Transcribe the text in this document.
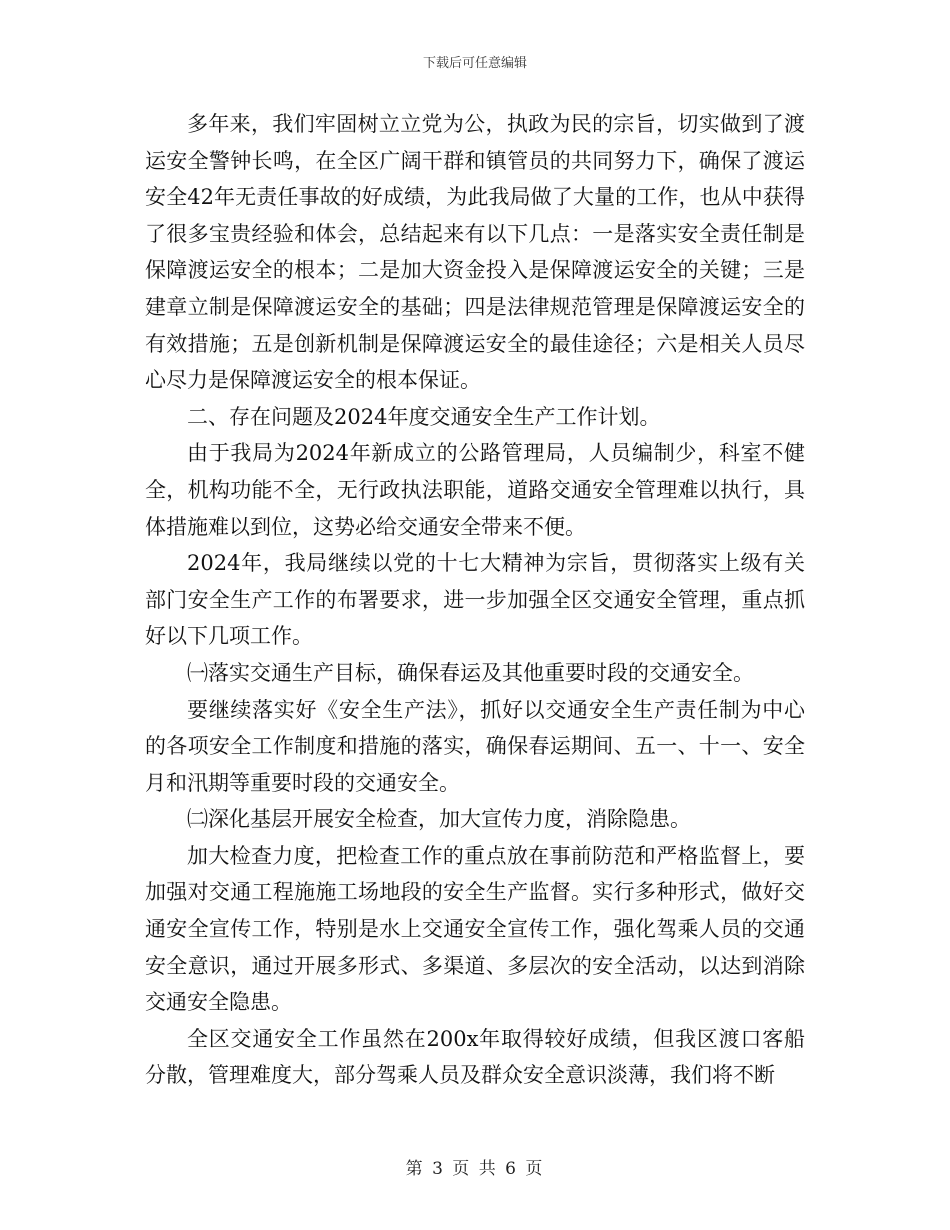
下载后可任意编辑

多年来，我们牢固树立立党为公，执政为民的宗旨，切实做到了渡运安全警钟长鸣，在全区广阔干群和镇管员的共同努力下，确保了渡运安全42年无责任事故的好成绩，为此我局做了大量的工作，也从中获得了很多宝贵经验和体会，总结起来有以下几点：一是落实安全责任制是保障渡运安全的根本；二是加大资金投入是保障渡运安全的关键；三是建章立制是保障渡运安全的基础；四是法律规范管理是保障渡运安全的有效措施；五是创新机制是保障渡运安全的最佳途径；六是相关人员尽心尽力是保障渡运安全的根本保证。

二、存在问题及2024年度交通安全生产工作计划。

由于我局为2024年新成立的公路管理局，人员编制少，科室不健全，机构功能不全，无行政执法职能，道路交通安全管理难以执行，具体措施难以到位，这势必给交通安全带来不便。

2024年，我局继续以党的十七大精神为宗旨，贯彻落实上级有关部门安全生产工作的布署要求，进一步加强全区交通安全管理，重点抓好以下几项工作。

㈠落实交通生产目标，确保春运及其他重要时段的交通安全。

要继续落实好《安全生产法》，抓好以交通安全生产责任制为中心的各项安全工作制度和措施的落实，确保春运期间、五一、十一、安全月和汛期等重要时段的交通安全。

㈡深化基层开展安全检查，加大宣传力度，消除隐患。

加大检查力度，把检查工作的重点放在事前防范和严格监督上，要加强对交通工程施施工场地段的安全生产监督。实行多种形式，做好交通安全宣传工作，特别是水上交通安全宣传工作，强化驾乘人员的交通安全意识，通过开展多形式、多渠道、多层次的安全活动，以达到消除交通安全隐患。

全区交通安全工作虽然在200x年取得较好成绩，但我区渡口客船分散，管理难度大，部分驾乘人员及群众安全意识淡薄，我们将不断

第 3 页 共 6 页
